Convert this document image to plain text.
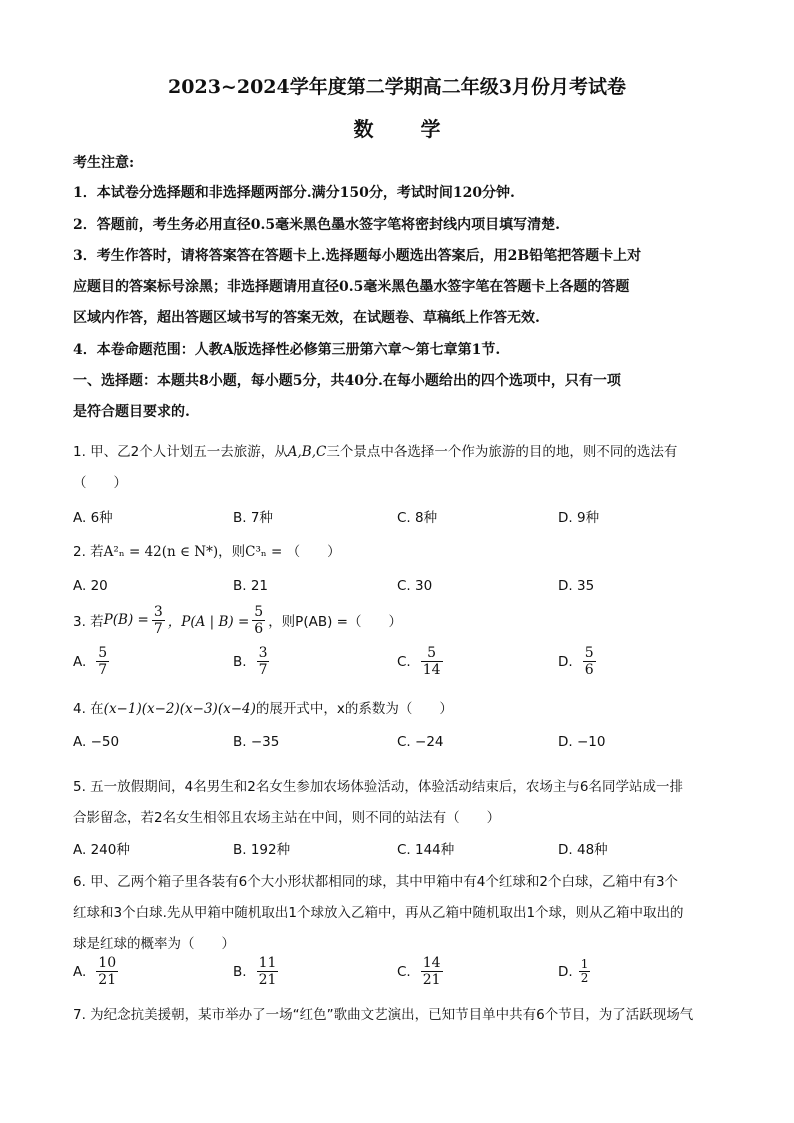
2023~2024学年度第二学期高二年级3月份月考试卷
数 学
考生注意:
1．本试卷分选择题和非选择题两部分.满分150分，考试时间120分钟.
2．答题前，考生务必用直径0.5毫米黑色墨水签字笔将密封线内项目填写清楚.
3．考生作答时，请将答案答在答题卡上.选择题每小题选出答案后，用2B铅笔把答题卡上对
应题目的答案标号涂黑；非选择题请用直径0.5毫米黑色墨水签字笔在答题卡上各题的答题
区域内作答，超出答题区域书写的答案无效，在试题卷、草稿纸上作答无效.
4．本卷命题范围：人教A版选择性必修第三册第六章～第七章第1节.
一、选择题：本题共8小题，每小题5分，共40分.在每小题给出的四个选项中，只有一项
是符合题目要求的.
1. 甲、乙2个人计划五一去旅游，从A,B,C三个景点中各选择一个作为旅游的目的地，则不同的选法有
（　　）
A. 6种	B. 7种	C. 8种	D. 9种
2. 若A²ₙ = 42(n ∈ N*)，则C³ₙ = （　　）
A. 20	B. 21	C. 30	D. 35
3. 若 $P(B) = \frac{3}{7}$ ，P(A | $B) = \frac{5}{6}$ ，则P(AB) =（　　）
A. $\frac{5}{7}$	B. $\frac{3}{7}$	C. $\frac{5}{14}$	D. $\frac{5}{6}$
4. 在(x−1)(x−2)(x−3)(x−4)的展开式中，x的系数为（　　）
A. −50	B. −35	C. −24	D. −10
5. 五一放假期间，4名男生和2名女生参加农场体验活动，体验活动结束后，农场主与6名同学站成一排
合影留念，若2名女生相邻且农场主站在中间，则不同的站法有（　　）
A. 240种	B. 192种	C. 144种	D. 48种
6. 甲、乙两个箱子里各装有6个大小形状都相同的球，其中甲箱中有4个红球和2个白球，乙箱中有3个
红球和3个白球.先从甲箱中随机取出1个球放入乙箱中，再从乙箱中随机取出1个球，则从乙箱中取出的
球是红球的概率为（　　）
A. $\frac{10}{21}$	B. $\frac{11}{21}$	C. $\frac{14}{21}$	D. $\frac{1}{2}$
7. 为纪念抗美援朝，某市举办了一场“红色”歌曲文艺演出，已知节目单中共有6个节目，为了活跃现场气
